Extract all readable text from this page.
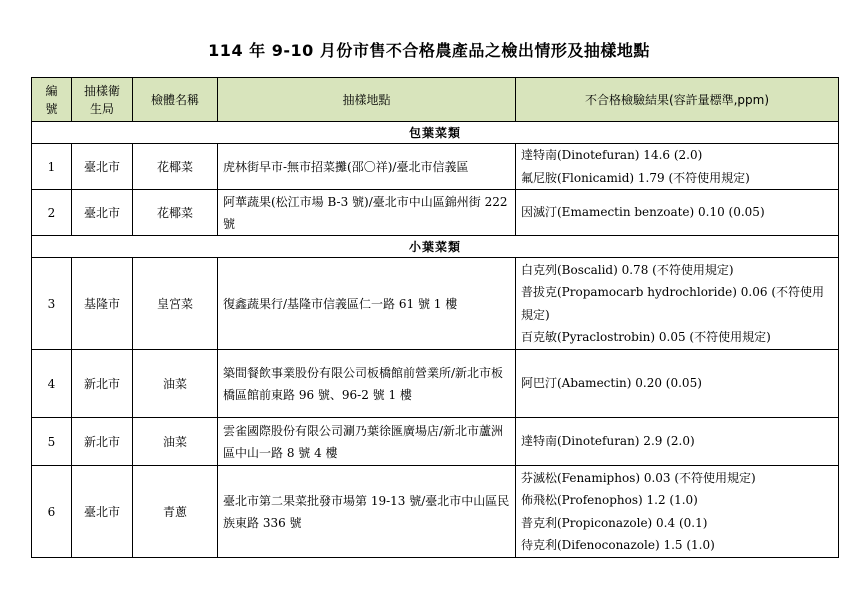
114 年 9-10 月份市售不合格農產品之檢出情形及抽樣地點
編號	抽樣衛生局	檢體名稱	抽樣地點	不合格檢驗結果(容許量標準,ppm)
包葉菜類				
1	臺北市	花椰菜	虎林街早市-無市招菜攤(邵〇祥)/臺北市信義區	達特南(Dinotefuran) 14.6 (2.0)
氟尼胺(Flonicamid) 1.79 (不符使用規定)

2	臺北市	花椰菜	阿華蔬果(松江市場 B-3 號)/臺北市中山區錦州街 222 號	因滅汀(Emamectin benzoate) 0.10 (0.05)

小葉菜類				
3	基隆市	皇宮菜	復鑫蔬果行/基隆市信義區仁一路 61 號 1 樓	白克列(Boscalid) 0.78 (不符使用規定)
普拔克(Propamocarb hydrochloride) 0.06 (不符使用規定)
百克敏(Pyraclostrobin) 0.05 (不符使用規定)

4	新北市	油菜	築間餐飲事業股份有限公司板橋館前營業所/新北市板橋區館前東路 96 號、96-2 號 1 樓	阿巴汀(Abamectin) 0.20 (0.05)

5	新北市	油菜	雲雀國際股份有限公司涮乃葉徐匯廣場店/新北市蘆洲區中山一路 8 號 4 樓	達特南(Dinotefuran) 2.9 (2.0)

6	臺北市	青蔥	臺北市第二果菜批發市場第 19-13 號/臺北市中山區民族東路 336 號	芬滅松(Fenamiphos) 0.03 (不符使用規定)
佈飛松(Profenophos) 1.2 (1.0)
普克利(Propiconazole) 0.4 (0.1)
待克利(Difenoconazole) 1.5 (1.0)
